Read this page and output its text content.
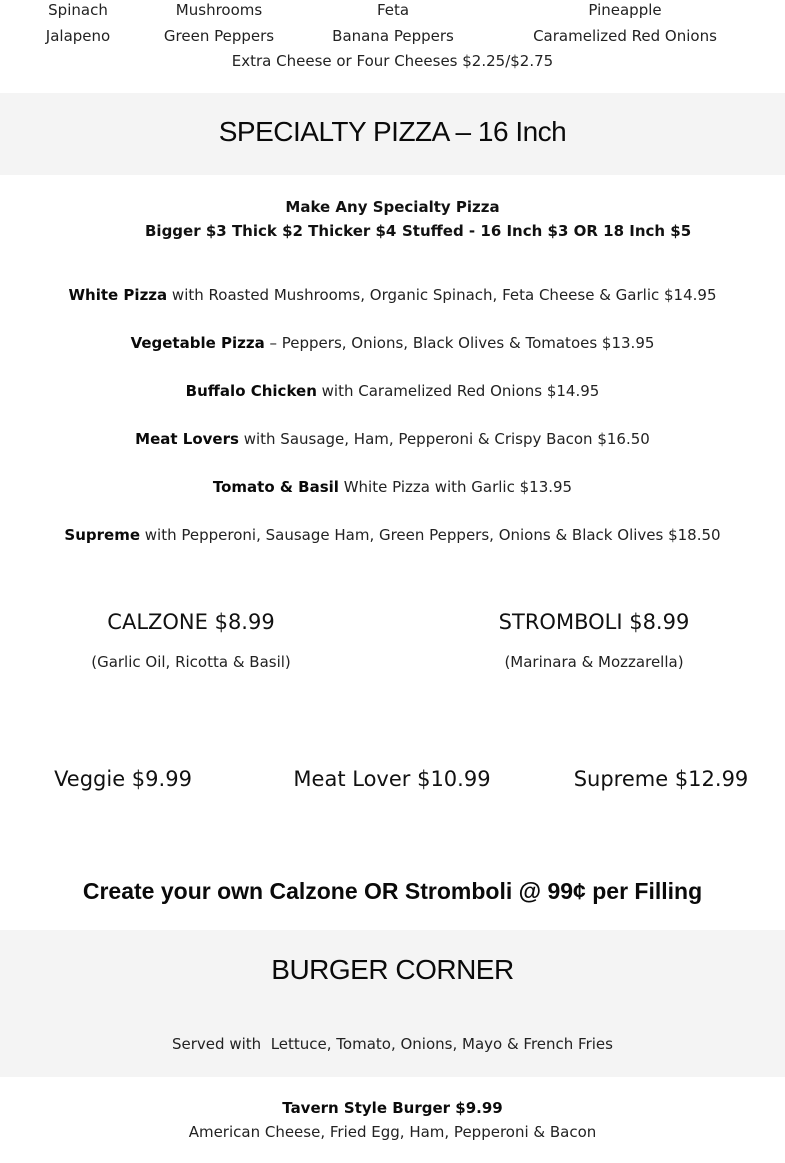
Spinach	Mushrooms	Feta	Pineapple
Jalapeno	Green Peppers	Banana Peppers	Caramelized Red Onions
Extra Cheese or Four Cheeses $2.25/$2.75
SPECIALTY PIZZA – 16 Inch
Make Any Specialty Pizza
Bigger $3 Thick $2 Thicker $4 Stuffed - 16 Inch $3 OR 18 Inch $5
White Pizza with Roasted Mushrooms, Organic Spinach, Feta Cheese & Garlic $14.95
Vegetable Pizza – Peppers, Onions, Black Olives & Tomatoes $13.95
Buffalo Chicken with Caramelized Red Onions $14.95
Meat Lovers with Sausage, Ham, Pepperoni & Crispy Bacon $16.50
Tomato & Basil White Pizza with Garlic $13.95
Supreme with Pepperoni, Sausage Ham, Green Peppers, Onions & Black Olives $18.50
CALZONE $8.99
(Garlic Oil, Ricotta & Basil)
STROMBOLI $8.99
(Marinara & Mozzarella)
Veggie $9.99	Meat Lover $10.99	Supreme $12.99
Create your own Calzone OR Stromboli @ 99¢ per Filling
BURGER CORNER
Served with  Lettuce, Tomato, Onions, Mayo & French Fries
Tavern Style Burger $9.99
American Cheese, Fried Egg, Ham, Pepperoni & Bacon
